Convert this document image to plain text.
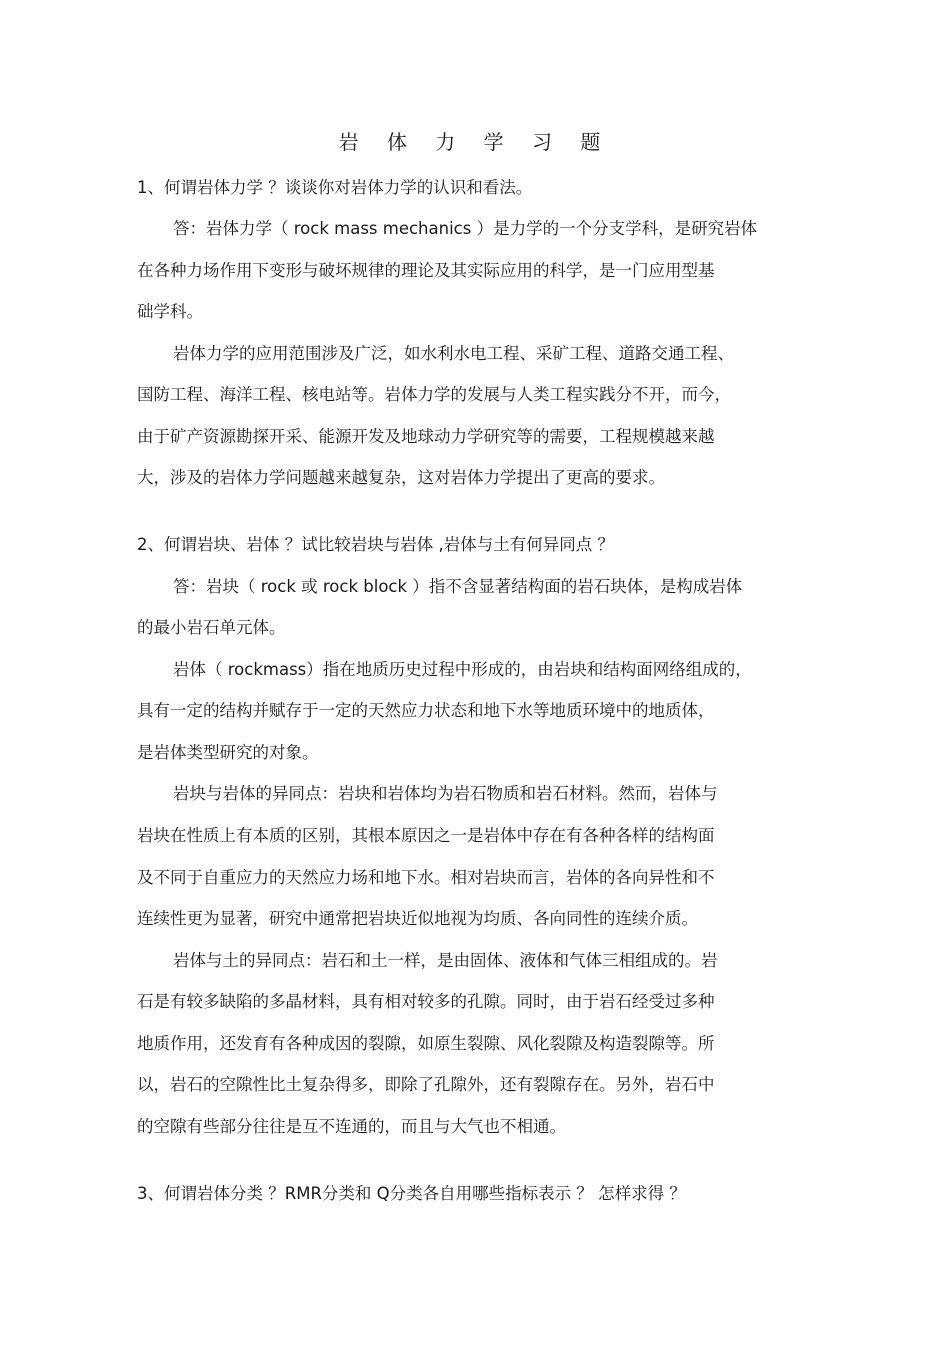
岩 体 力 学 习 题
1、何谓岩体力学 ？谈谈你对岩体力学的认识和看法。
答：岩体力学（ rock mass mechanics ）是力学的一个分支学科，是研究岩体
在各种力场作用下变形与破坏规律的理论及其实际应用的科学，是一门应用型基
础学科。
岩体力学的应用范围涉及广泛，如水利水电工程、采矿工程、道路交通工程、
国防工程、海洋工程、核电站等。岩体力学的发展与人类工程实践分不开，而今，
由于矿产资源勘探开采、能源开发及地球动力学研究等的需要，工程规模越来越
大，涉及的岩体力学问题越来越复杂，这对岩体力学提出了更高的要求。
2、何谓岩块、岩体 ？试比较岩块与岩体 ,岩体与土有何异同点 ？
答：岩块（ rock 或 rock block ）指不含显著结构面的岩石块体，是构成岩体
的最小岩石单元体。
岩体（ rockmass）指在地质历史过程中形成的，由岩块和结构面网络组成的，
具有一定的结构并赋存于一定的天然应力状态和地下水等地质环境中的地质体，
是岩体类型研究的对象。
岩块与岩体的异同点：岩块和岩体均为岩石物质和岩石材料。然而，岩体与
岩块在性质上有本质的区别，其根本原因之一是岩体中存在有各种各样的结构面
及不同于自重应力的天然应力场和地下水。相对岩块而言，岩体的各向异性和不
连续性更为显著，研究中通常把岩块近似地视为均质、各向同性的连续介质。
岩体与土的异同点：岩石和土一样，是由固体、液体和气体三相组成的。岩
石是有较多缺陷的多晶材料，具有相对较多的孔隙。同时，由于岩石经受过多种
地质作用，还发育有各种成因的裂隙，如原生裂隙、风化裂隙及构造裂隙等。所
以，岩石的空隙性比土复杂得多，即除了孔隙外，还有裂隙存在。另外，岩石中
的空隙有些部分往往是互不连通的，而且与大气也不相通。
3、何谓岩体分类 ？RMR分类和 Q分类各自用哪些指标表示 ？ 怎样求得 ？
